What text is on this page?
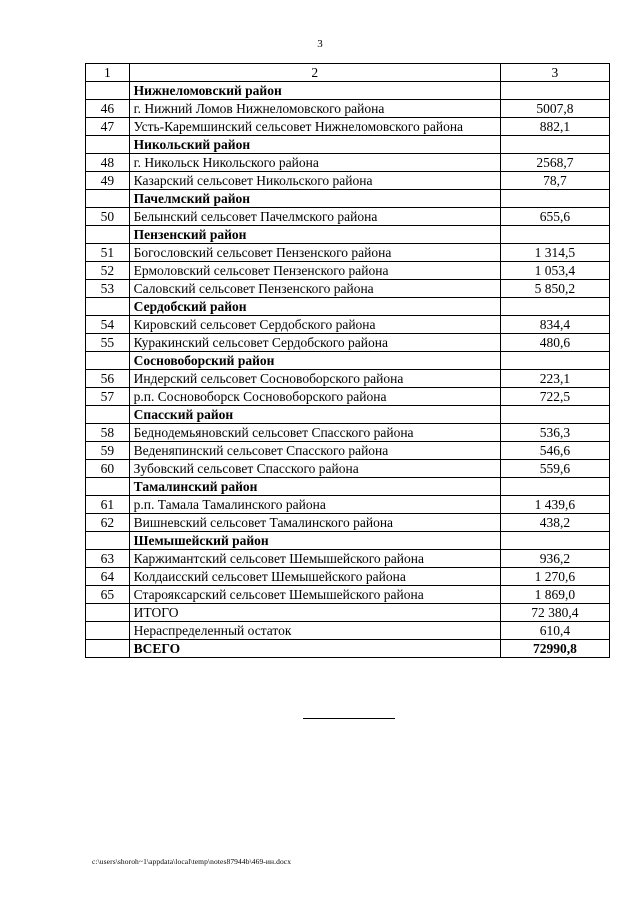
3
1	2	3
	Нижнеломовский район	
46	г. Нижний Ломов Нижнеломовского района	5007,8
47	Усть-Каремшинский сельсовет Нижнеломовского района	882,1
	Никольский район	
48	г. Никольск Никольского района	2568,7
49	Казарский сельсовет Никольского района	78,7
	Пачелмский район	
50	Белынский сельсовет Пачелмского района	655,6
	Пензенский район	
51	Богословский сельсовет Пензенского района	1 314,5
52	Ермоловский сельсовет Пензенского района	1 053,4
53	Саловский сельсовет Пензенского района	5 850,2
	Сердобский район	
54	Кировский сельсовет Сердобского района	834,4
55	Куракинский сельсовет Сердобского района	480,6
	Сосновоборский район	
56	Индерский сельсовет Сосновоборского района	223,1
57	р.п. Сосновоборск Сосновоборского района	722,5
	Спасский район	
58	Беднодемьяновский сельсовет Спасского района	536,3
59	Веденяпинский сельсовет Спасского района	546,6
60	Зубовский сельсовет Спасского района	559,6
	Тамалинский район	
61	р.п. Тамала Тамалинского района	1 439,6
62	Вишневский сельсовет Тамалинского района	438,2
	Шемышейский район	
63	Каржимантский сельсовет Шемышейского района	936,2
64	Колдаисский сельсовет Шемышейского района	1 270,6
65	Староякcарский сельсовет Шемышейского района	1 869,0
	ИТОГО	72 380,4
	Нераспределенный остаток	610,4
	ВСЕГО	72990,8
c:\users\shoroh~1\appdata\local\temp\notes87944b\469-ин.docx
